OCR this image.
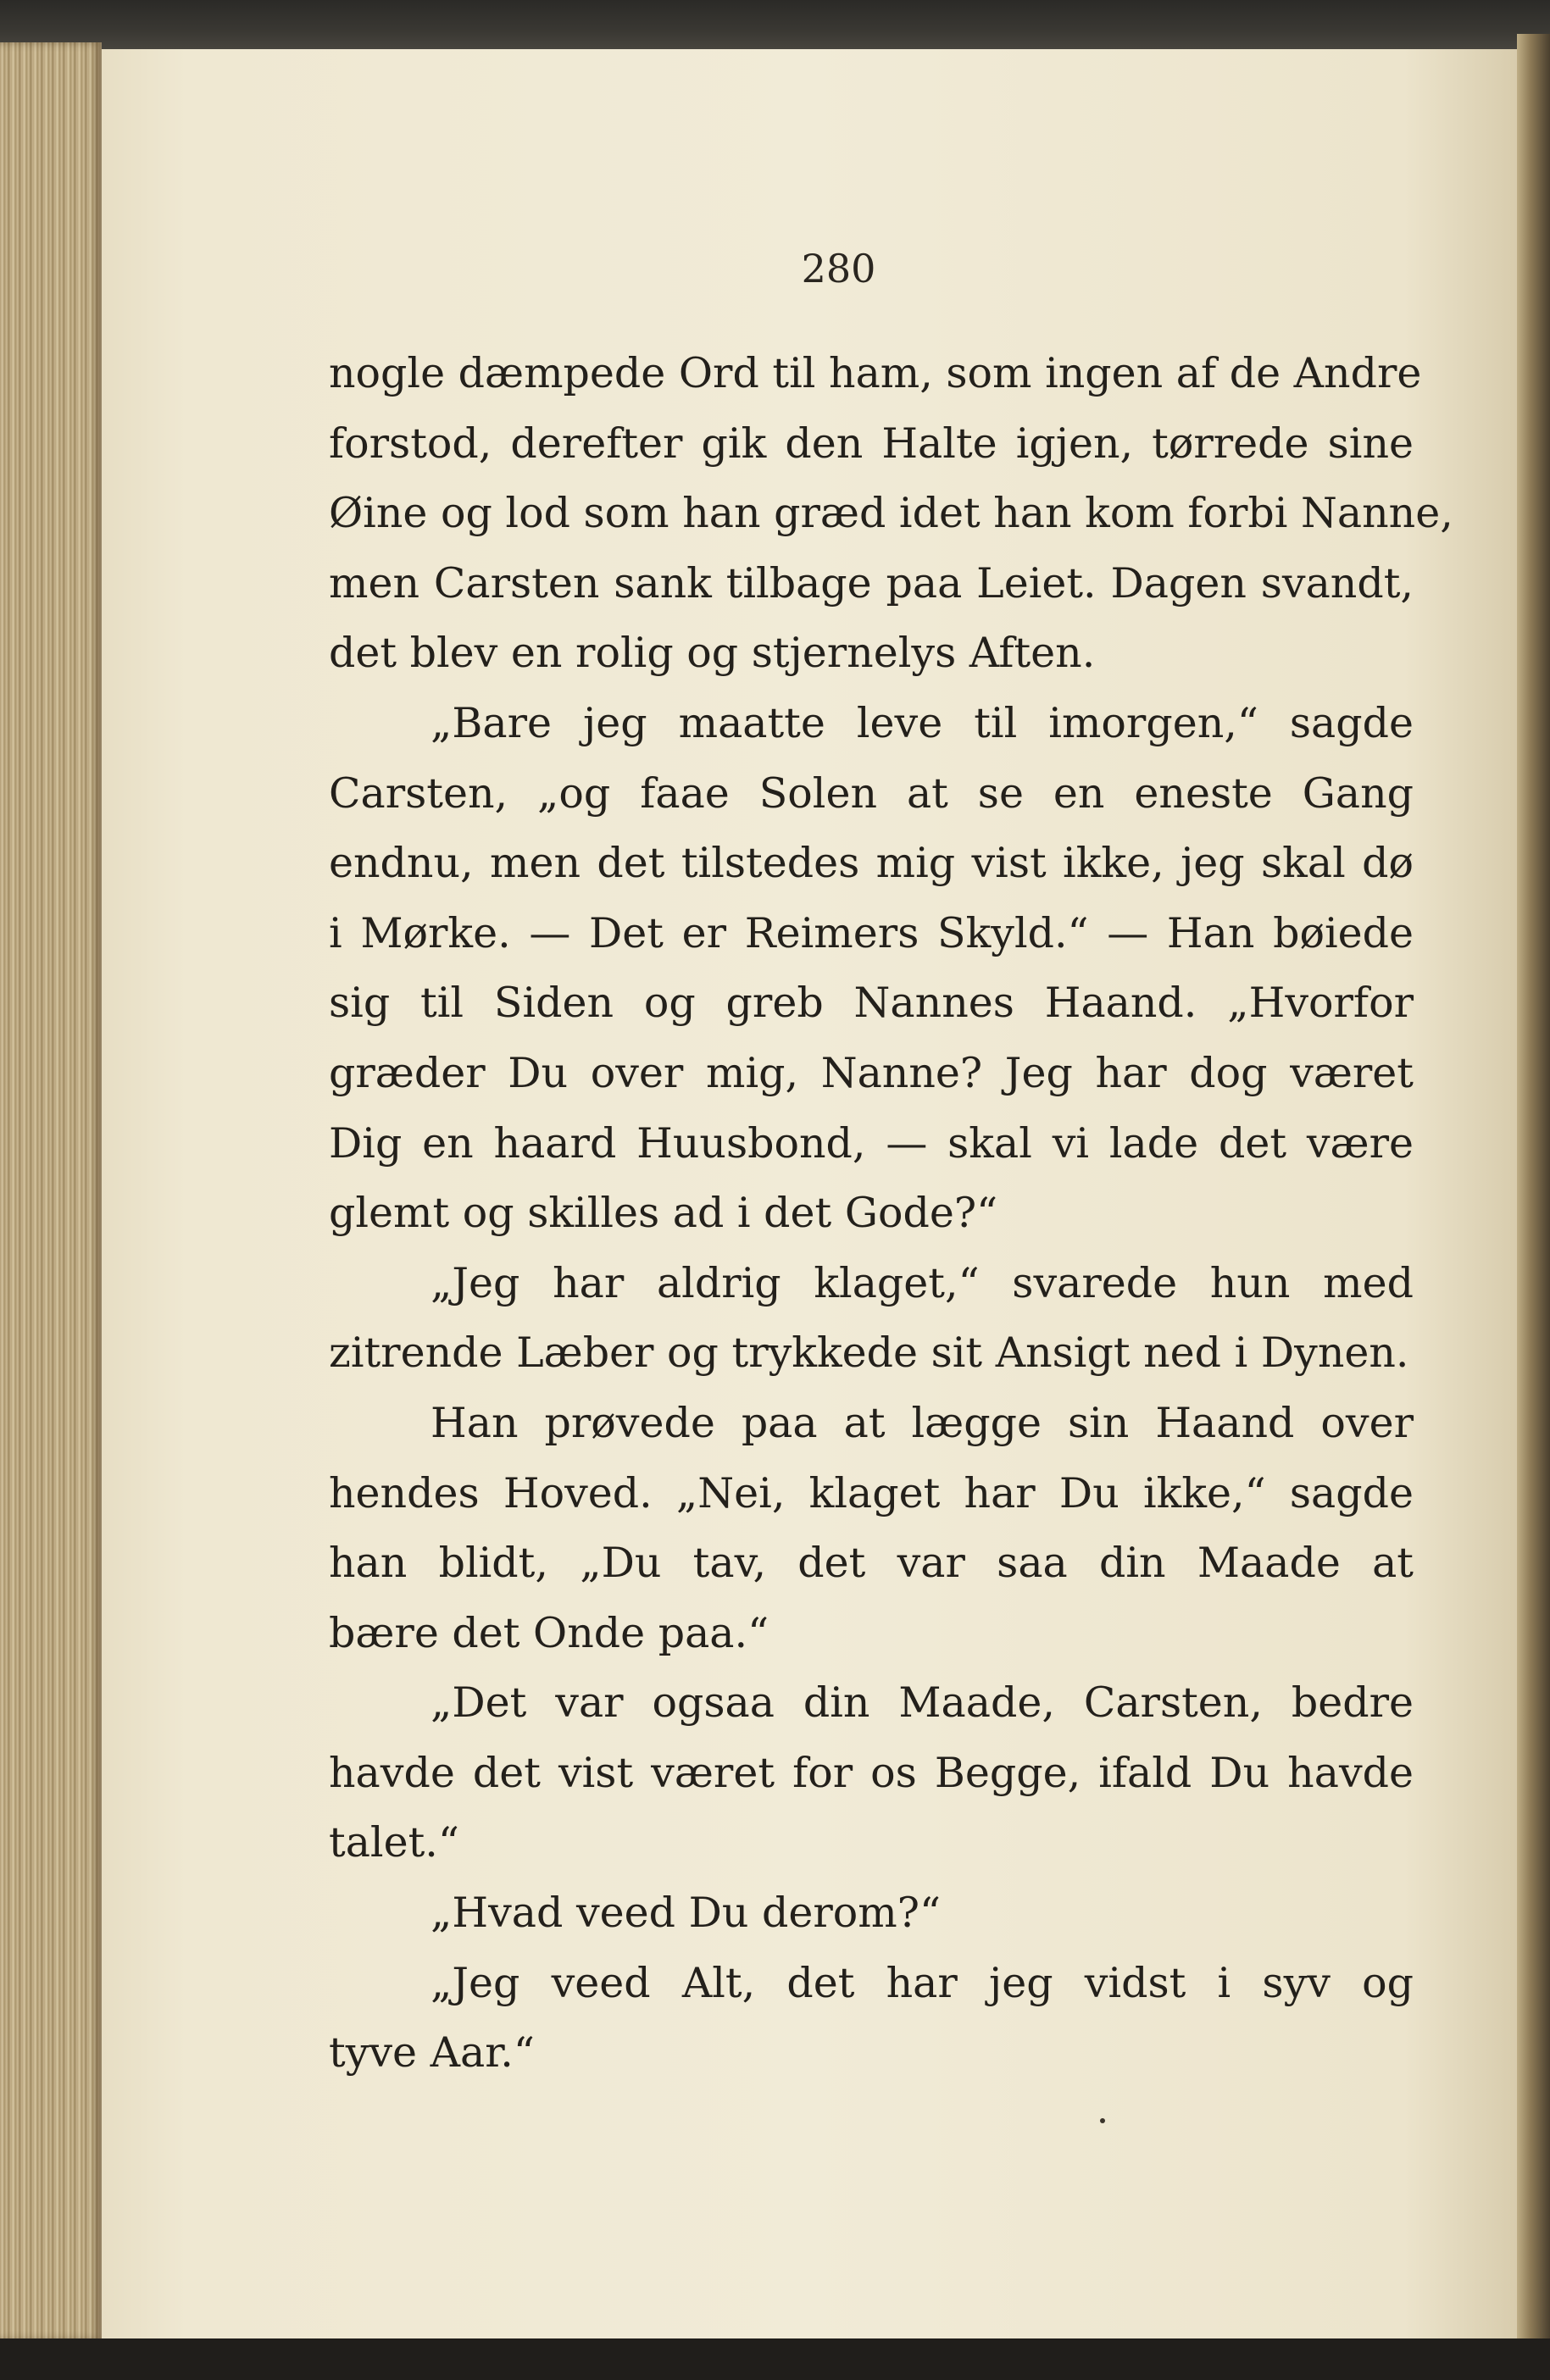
280
nogle dæmpede Ord til ham, som ingen af de Andre
forstod, derefter gik den Halte igjen, tørrede sine
Øine og lod som han græd idet han kom forbi Nanne,
men Carsten sank tilbage paa Leiet. Dagen svandt,
det blev en rolig og stjernelys Aften.
„Bare jeg maatte leve til imorgen,“ sagde
Carsten, „og faae Solen at se en eneste Gang
endnu, men det tilstedes mig vist ikke, jeg skal dø
i Mørke. — Det er Reimers Skyld.“ — Han bøiede
sig til Siden og greb Nannes Haand. „Hvorfor
græder Du over mig, Nanne? Jeg har dog været
Dig en haard Huusbond, — skal vi lade det være
glemt og skilles ad i det Gode?“
„Jeg har aldrig klaget,“ svarede hun med
zitrende Læber og trykkede sit Ansigt ned i Dynen.
Han prøvede paa at lægge sin Haand over
hendes Hoved. „Nei, klaget har Du ikke,“ sagde
han blidt, „Du tav, det var saa din Maade at
bære det Onde paa.“
„Det var ogsaa din Maade, Carsten, bedre
havde det vist været for os Begge, ifald Du havde
talet.“
„Hvad veed Du derom?“
„Jeg veed Alt, det har jeg vidst i syv og
tyve Aar.“
